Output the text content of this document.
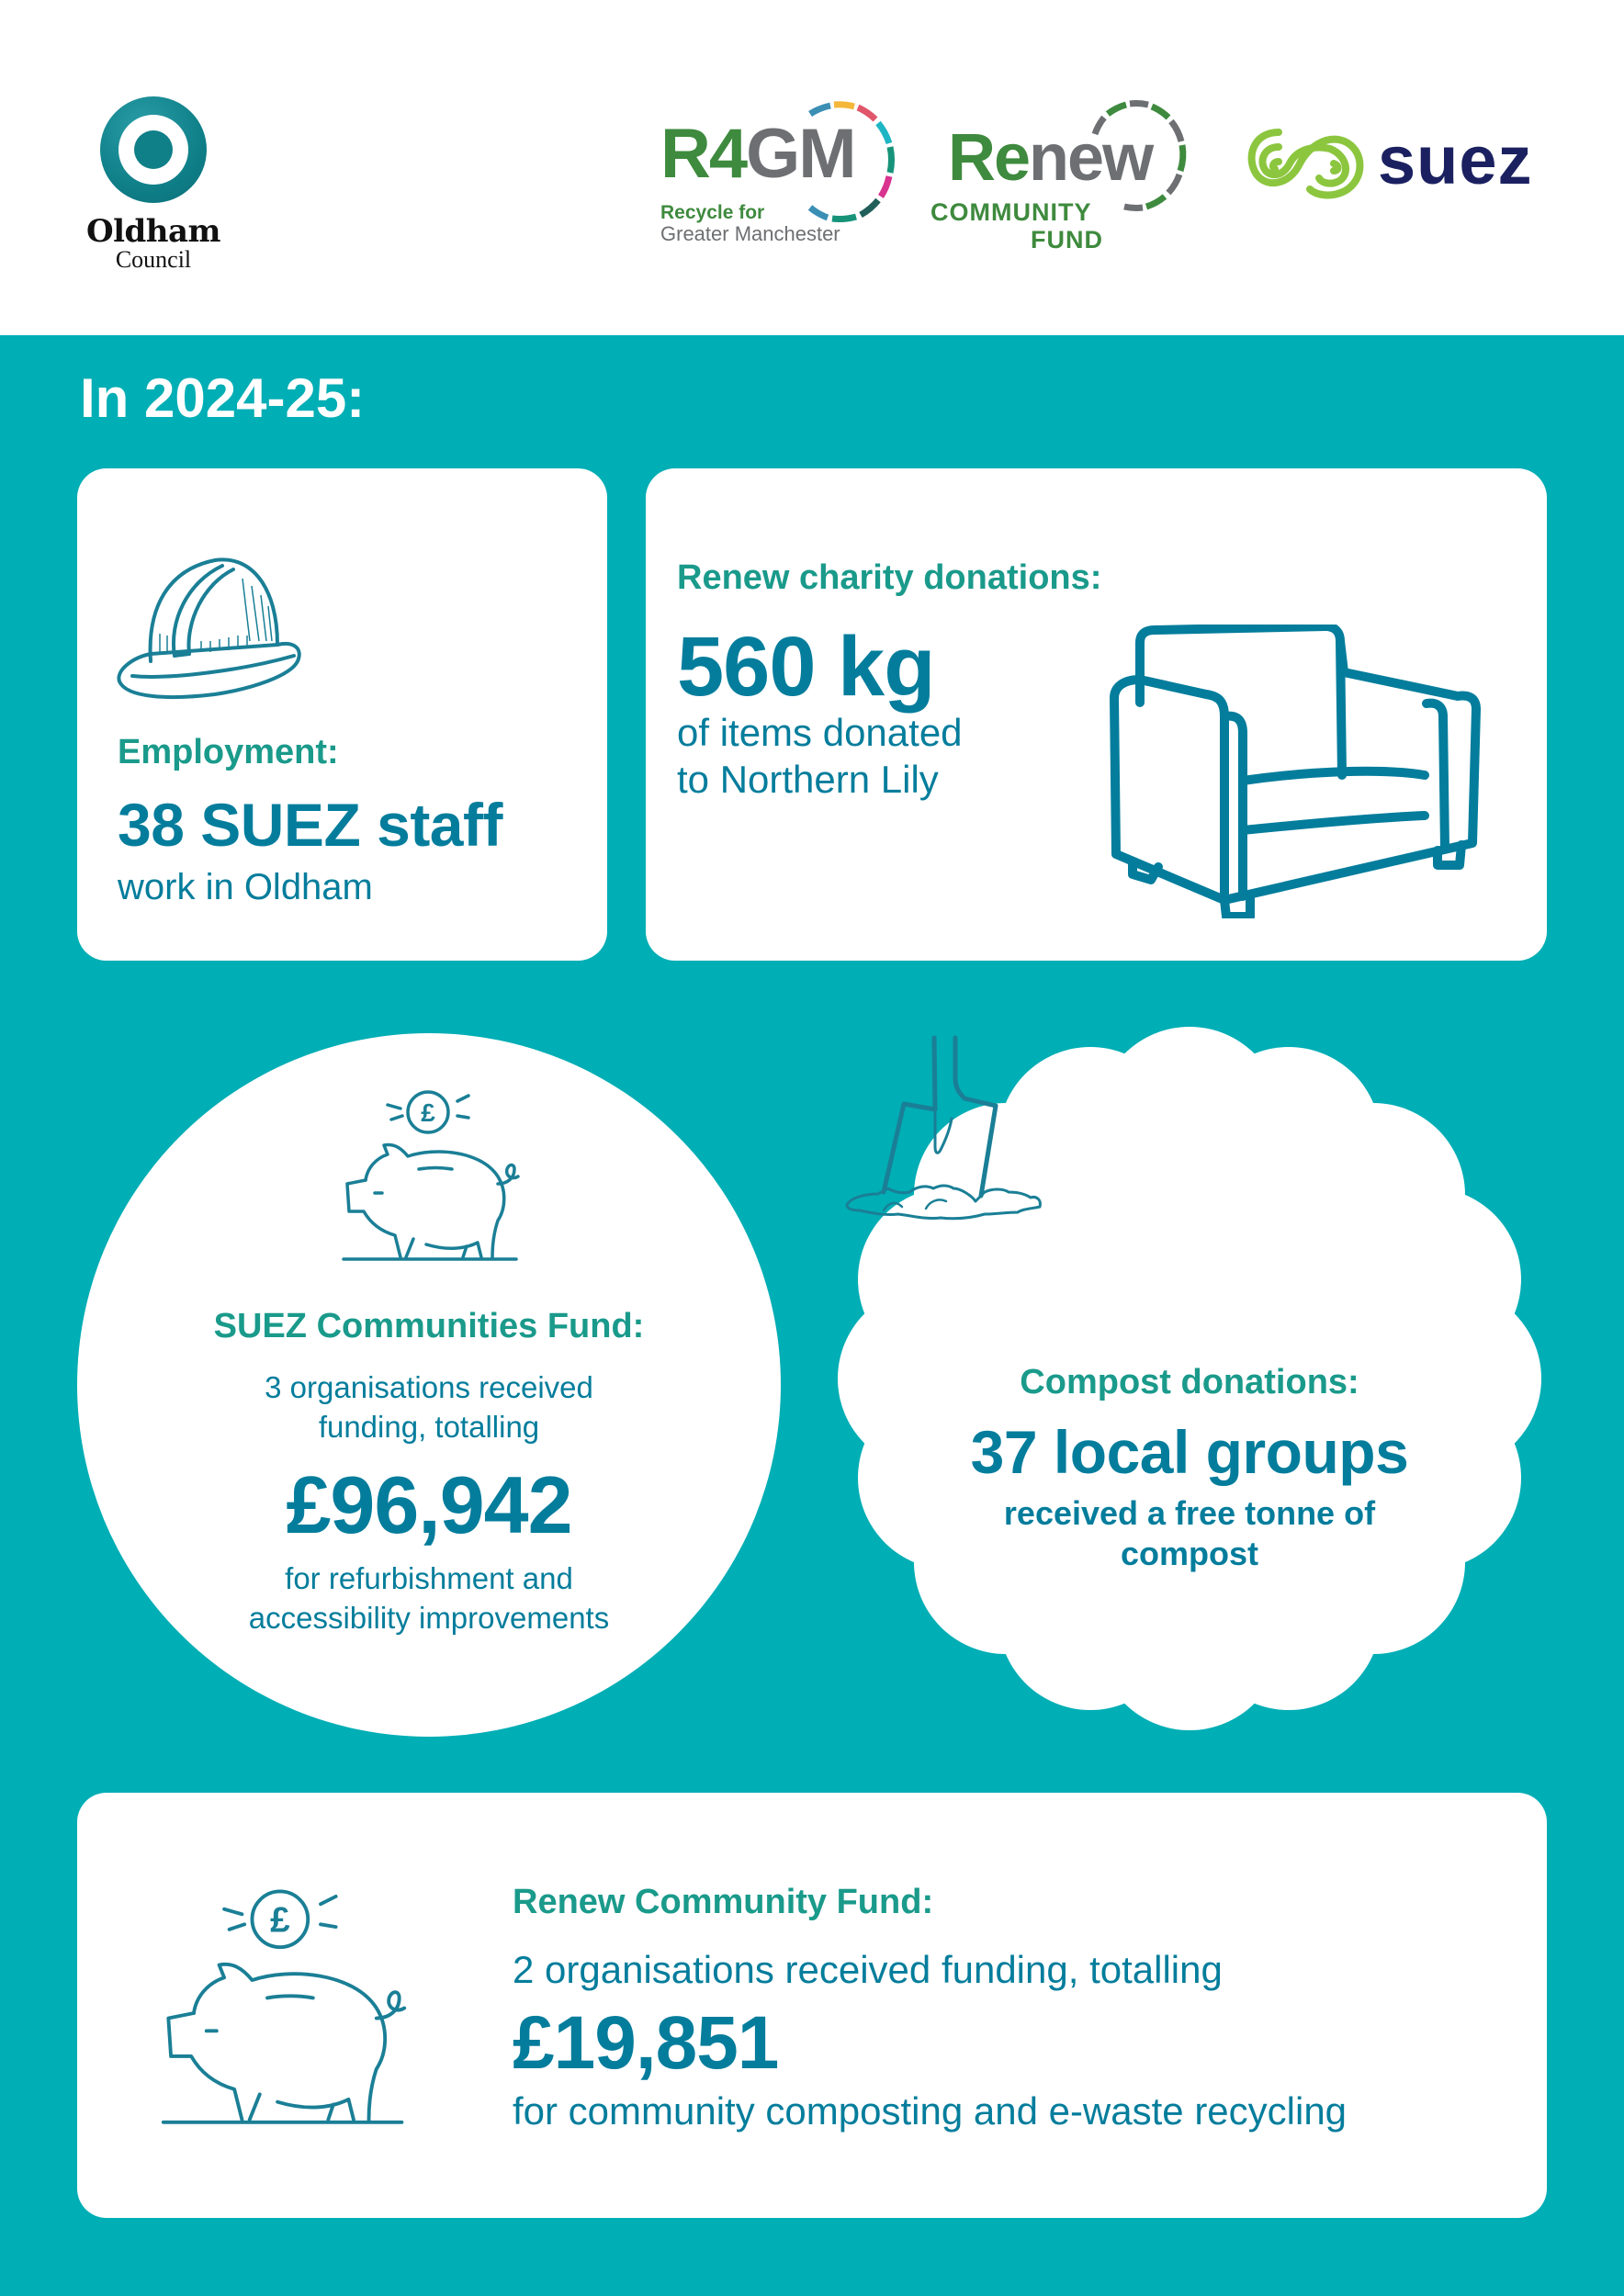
Oldham
Council
R4GM
Recycle for
Greater Manchester
Renew
COMMUNITY
FUND
suez
In 2024-25:
Employment:
38 SUEZ staff
work in Oldham
Renew charity donations:
560 kg
of items donated
to Northern Lily
£
SUEZ Communities Fund:
3 organisations received
funding, totalling
£96,942
for refurbishment and
accessibility improvements
Compost donations:
37 local groups
received a free tonne of
compost
£	Renew Community Fund:
2 organisations received funding, totalling
£19,851
for community composting and e-waste recycling
